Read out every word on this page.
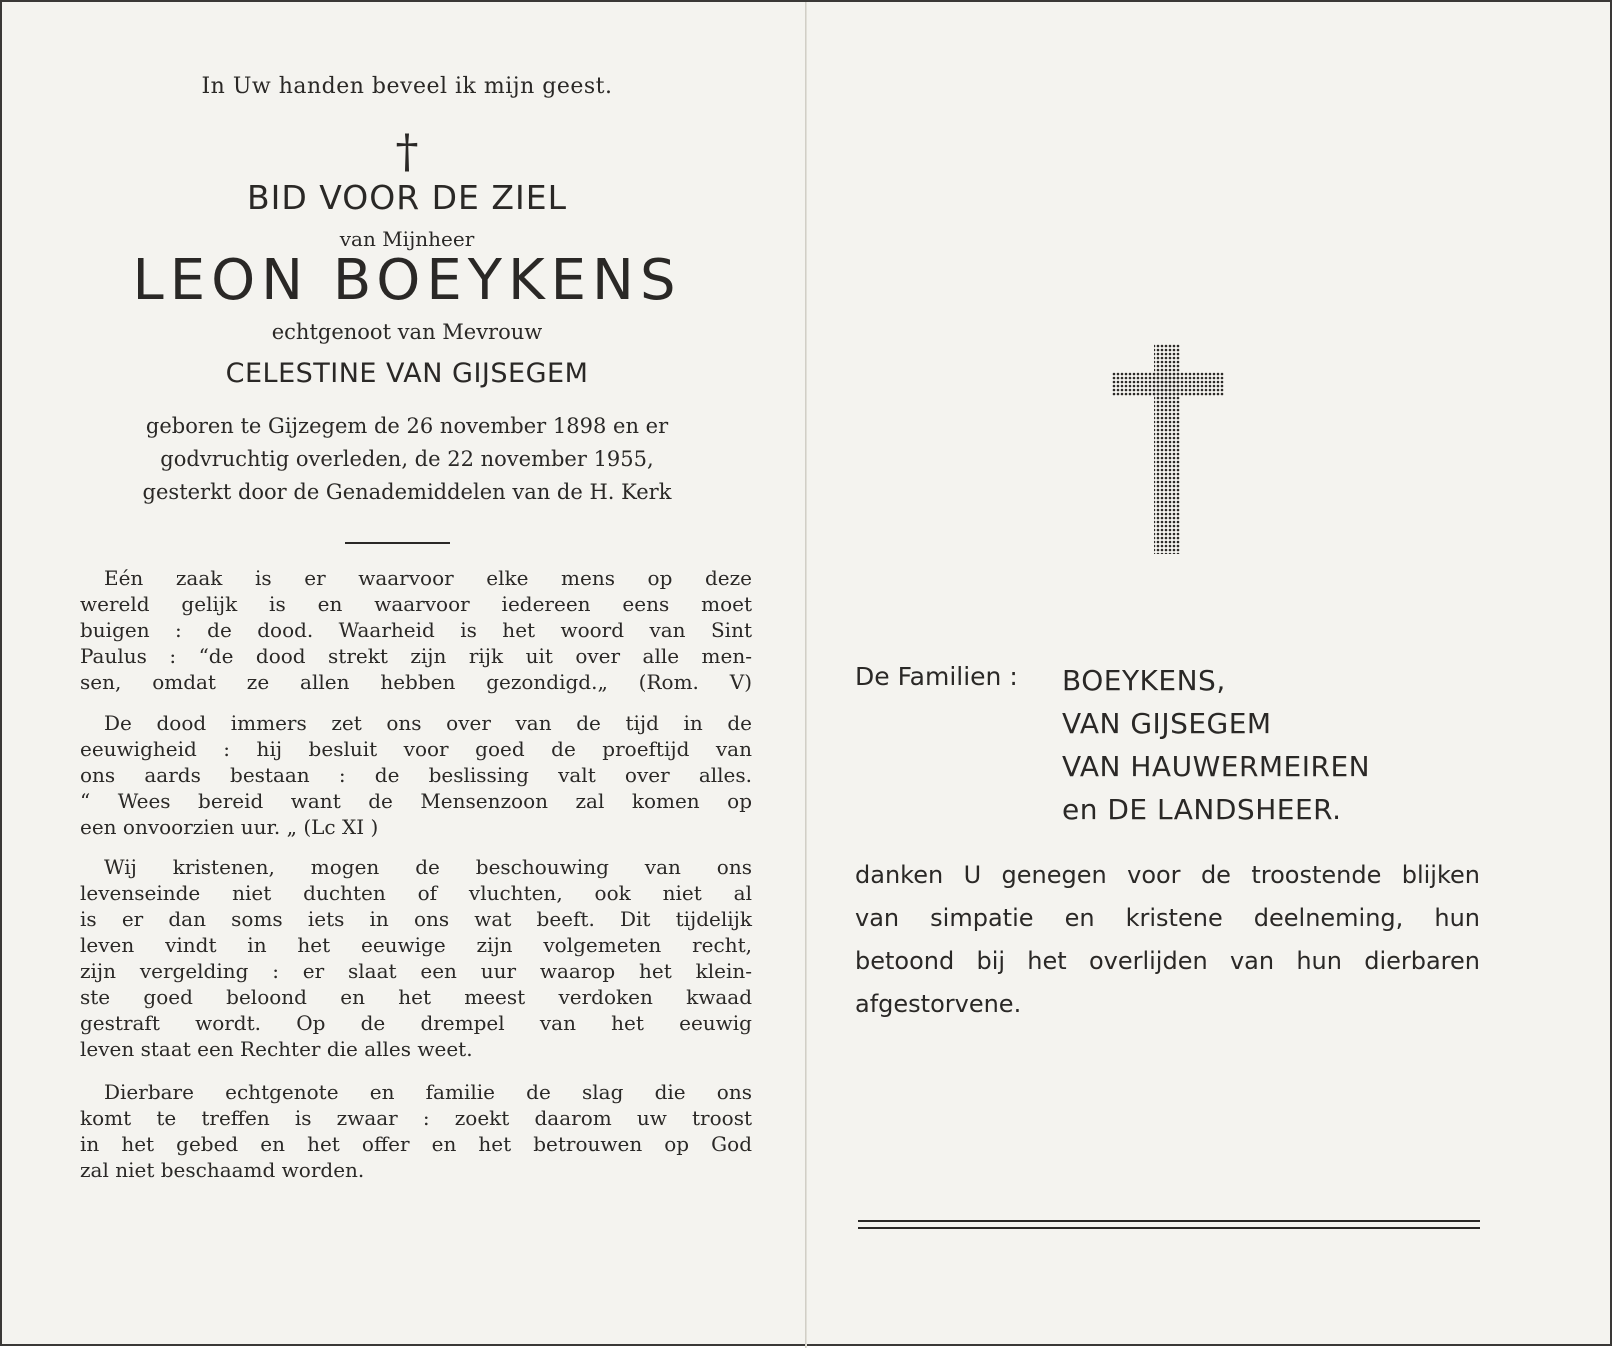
In Uw handen beveel ik mijn geest.
†
BID VOOR DE ZIEL
van Mijnheer
LEON BOEYKENS
echtgenoot van Mevrouw
CELESTINE VAN GIJSEGEM
geboren te Gijzegem de 26 november 1898 en er
godvruchtig overleden, de 22 november 1955,
gesterkt door de Genademiddelen van de H. Kerk
Eén zaak is er waarvoor elke mens op deze
wereld gelijk is en waarvoor iedereen eens moet
buigen : de dood. Waarheid is het woord van Sint
Paulus : “de dood strekt zijn rijk uit over alle men-
sen, omdat ze allen hebben gezondigd.„ (Rom. V)
De dood immers zet ons over van de tijd in de
eeuwigheid : hij besluit voor goed de proeftijd van
ons aards bestaan : de beslissing valt over alles.
“ Wees bereid want de Mensenzoon zal komen op
een onvoorzien uur. „ (Lc XI )
Wij kristenen, mogen de beschouwing van ons
levenseinde niet duchten of vluchten, ook niet al
is er dan soms iets in ons wat beeft. Dit tijdelijk
leven vindt in het eeuwige zijn volgemeten recht,
zijn vergelding : er slaat een uur waarop het klein-
ste goed beloond en het meest verdoken kwaad
gestraft wordt. Op de drempel van het eeuwig
leven staat een Rechter die alles weet.
Dierbare echtgenote en familie de slag die ons
komt te treffen is zwaar : zoekt daarom uw troost
in het gebed en het offer en het betrouwen op God
zal niet beschaamd worden.
De Familien : BOEYKENS,
VAN GIJSEGEM
VAN HAUWERMEIREN
en DE LANDSHEER.
danken U genegen voor de troostende blijken
van simpatie en kristene deelneming, hun
betoond bij het overlijden van hun dierbaren
afgestorvene.
